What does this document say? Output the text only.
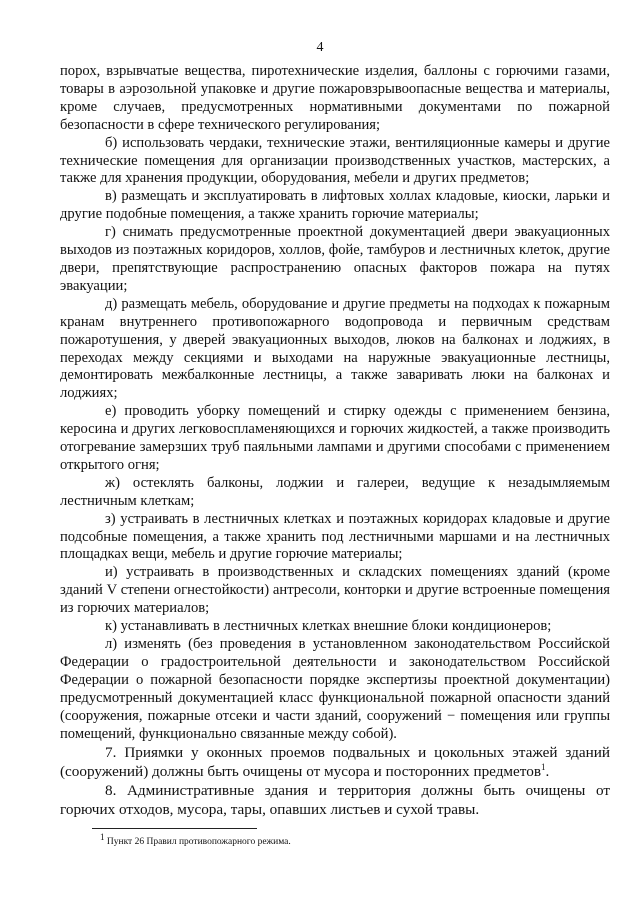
4

порох, взрывчатые вещества, пиротехнические изделия, баллоны с горючими газами, товары в аэрозольной упаковке и другие пожаровзрывоопасные вещества и материалы, кроме случаев, предусмотренных нормативными документами по пожарной безопасности в сфере технического регулирования;

б) использовать чердаки, технические этажи, вентиляционные камеры и другие технические помещения для организации производственных участков, мастерских, а также для хранения продукции, оборудования, мебели и других предметов;

в) размещать и эксплуатировать в лифтовых холлах кладовые, киоски, ларьки и другие подобные помещения, а также хранить горючие материалы;

г) снимать предусмотренные проектной документацией двери эвакуационных выходов из поэтажных коридоров, холлов, фойе, тамбуров и лестничных клеток, другие двери, препятствующие распространению опасных факторов пожара на путях эвакуации;

д) размещать мебель, оборудование и другие предметы на подходах к пожарным кранам внутреннего противопожарного водопровода и первичным средствам пожаротушения, у дверей эвакуационных выходов, люков на балконах и лоджиях, в переходах между секциями и выходами на наружные эвакуационные лестницы, демонтировать межбалконные лестницы, а также заваривать люки на балконах и лоджиях;

е) проводить уборку помещений и стирку одежды с применением бензина, керосина и других легковоспламеняющихся и горючих жидкостей, а также производить отогревание замерзших труб паяльными лампами и другими способами с применением открытого огня;

ж) остеклять балконы, лоджии и галереи, ведущие к незадымляемым лестничным клеткам;

з) устраивать в лестничных клетках и поэтажных коридорах кладовые и другие подсобные помещения, а также хранить под лестничными маршами и на лестничных площадках вещи, мебель и другие горючие материалы;

и) устраивать в производственных и складских помещениях зданий (кроме зданий V степени огнестойкости) антресоли, конторки и другие встроенные помещения из горючих материалов;

к) устанавливать в лестничных клетках внешние блоки кондиционеров;

л) изменять (без проведения в установленном законодательством Российской Федерации о градостроительной деятельности и законодательством Российской Федерации о пожарной безопасности порядке экспертизы проектной документации) предусмотренный документацией класс функциональной пожарной опасности зданий (сооружения, пожарные отсеки и части зданий, сооружений − помещения или группы помещений, функционально связанные между собой).

7. Приямки у оконных проемов подвальных и цокольных этажей зданий (сооружений) должны быть очищены от мусора и посторонних предметов$^1$.

8. Административные здания и территория должны быть очищены от горючих отходов, мусора, тары, опавших листьев и сухой травы.

$^1$ Пункт 26 Правил противопожарного режима.
